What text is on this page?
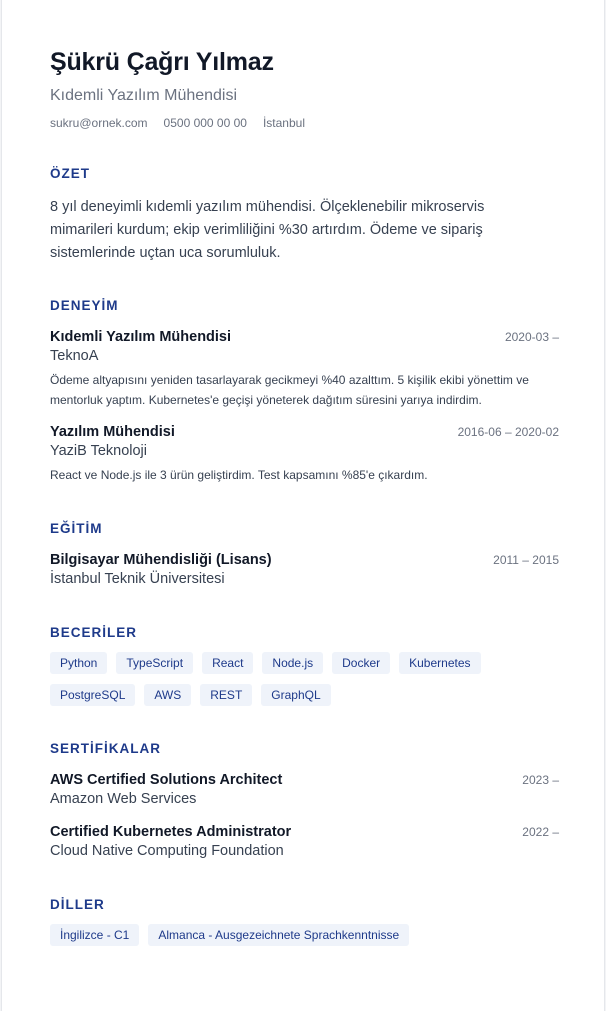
Şükrü Çağrı Yılmaz
Kıdemli Yazılım Mühendisi
sukru@ornek.com 0500 000 00 00 İstanbul
ÖZET
8 yıl deneyimli kıdemli yazılım mühendisi. Ölçeklenebilir mikroservis mimarileri kurdum; ekip verimliliğini %30 artırdım. Ödeme ve sipariş sistemlerinde uçtan uca sorumluluk.
DENEYİM
Kıdemli Yazılım Mühendisi	2020-03 –
TeknoA
Ödeme altyapısını yeniden tasarlayarak gecikmeyi %40 azalttım. 5 kişilik ekibi yönettim ve mentorluk yaptım. Kubernetes'e geçişi yöneterek dağıtım süresini yarıya indirdim.
Yazılım Mühendisi	2016-06 – 2020-02
YaziB Teknoloji
React ve Node.js ile 3 ürün geliştirdim. Test kapsamını %85'e çıkardım.
EĞİTİM
Bilgisayar Mühendisliği (Lisans)	2011 – 2015
İstanbul Teknik Üniversitesi
BECERİLER
Python	TypeScript	React	Node.js	Docker	Kubernetes
PostgreSQL	AWS	REST	GraphQL
SERTİFİKALAR
AWS Certified Solutions Architect	2023 –
Amazon Web Services
Certified Kubernetes Administrator	2022 –
Cloud Native Computing Foundation
DİLLER
İngilizce - C1	Almanca - Ausgezeichnete Sprachkenntnisse
